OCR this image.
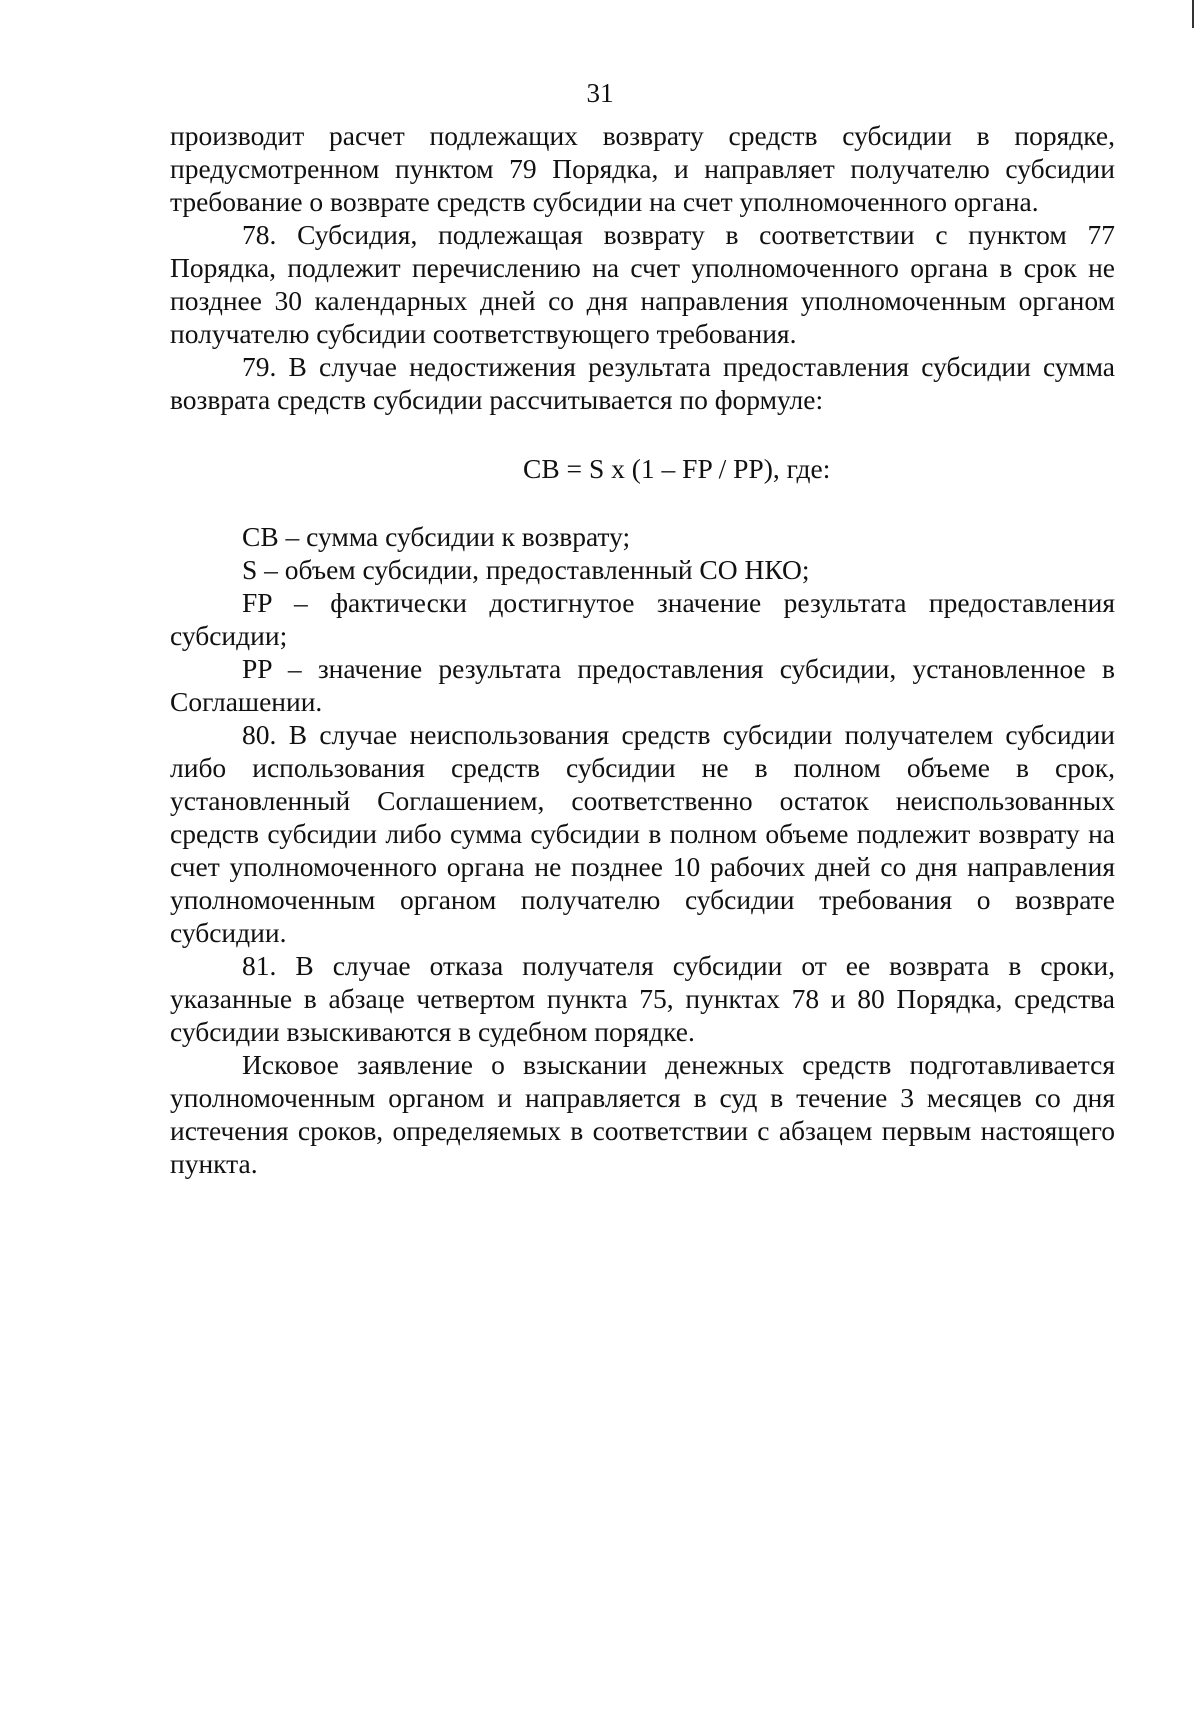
31

производит расчет подлежащих возврату средств субсидии в порядке, предусмотренном пунктом 79 Порядка, и направляет получателю субсидии требование о возврате средств субсидии на счет уполномоченного органа.

78. Субсидия, подлежащая возврату в соответствии с пунктом 77 Порядка, подлежит перечислению на счет уполномоченного органа в срок не позднее 30 календарных дней со дня направления уполномоченным органом получателю субсидии соответствующего требования.

79. В случае недостижения результата предоставления субсидии сумма возврата средств субсидии рассчитывается по формуле:

СВ = S x (1 – FP / PP), где:

СВ – сумма субсидии к возврату;

S – объем субсидии, предоставленный СО НКО;

FP – фактически достигнутое значение результата предоставления субсидии;

PP – значение результата предоставления субсидии, установленное в Соглашении.

80. В случае неиспользования средств субсидии получателем субсидии либо использования средств субсидии не в полном объеме в срок, установленный Соглашением, соответственно остаток неиспользованных средств субсидии либо сумма субсидии в полном объеме подлежит возврату на счет уполномоченного органа не позднее 10 рабочих дней со дня направления уполномоченным органом получателю субсидии требования о возврате субсидии.

81. В случае отказа получателя субсидии от ее возврата в сроки, указанные в абзаце четвертом пункта 75, пунктах 78 и 80 Порядка, средства субсидии взыскиваются в судебном порядке.

Исковое заявление о взыскании денежных средств подготавливается уполномоченным органом и направляется в суд в течение 3 месяцев со дня истечения сроков, определяемых в соответствии с абзацем первым настоящего пункта.
